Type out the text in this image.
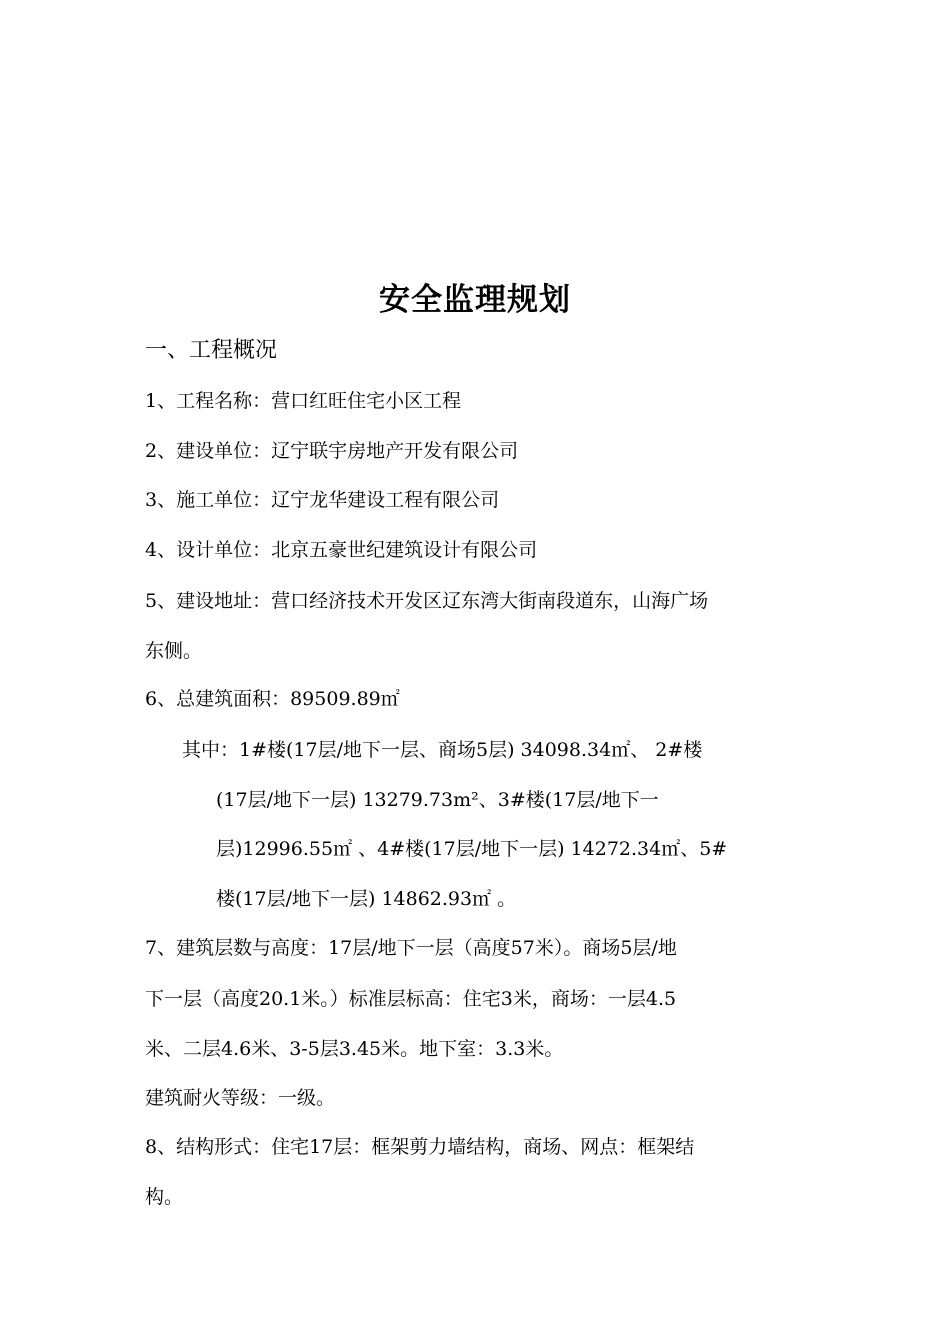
安全监理规划
一、工程概况
1、工程名称：营口红旺住宅小区工程
2、建设单位：辽宁联宇房地产开发有限公司
3、施工单位：辽宁龙华建设工程有限公司
4、设计单位：北京五豪世纪建筑设计有限公司
5、建设地址：营口经济技术开发区辽东湾大街南段道东，山海广场
东侧。
6、总建筑面积：89509.89㎡
其中：1#楼(17层/地下一层、商场5层) 34098.34㎡、 2#楼
(17层/地下一层) 13279.73m²、3#楼(17层/地下一
层)12996.55㎡ 、4#楼(17层/地下一层) 14272.34㎡、5#
楼(17层/地下一层) 14862.93㎡ 。
7、建筑层数与高度：17层/地下一层（高度57米）。商场5层/地
下一层（高度20.1米。）标准层标高：住宅3米，商场：一层4.5
米、二层4.6米、3-5层3.45米。地下室：3.3米。
建筑耐火等级：一级。
8、结构形式：住宅17层：框架剪力墙结构，商场、网点：框架结
构。
